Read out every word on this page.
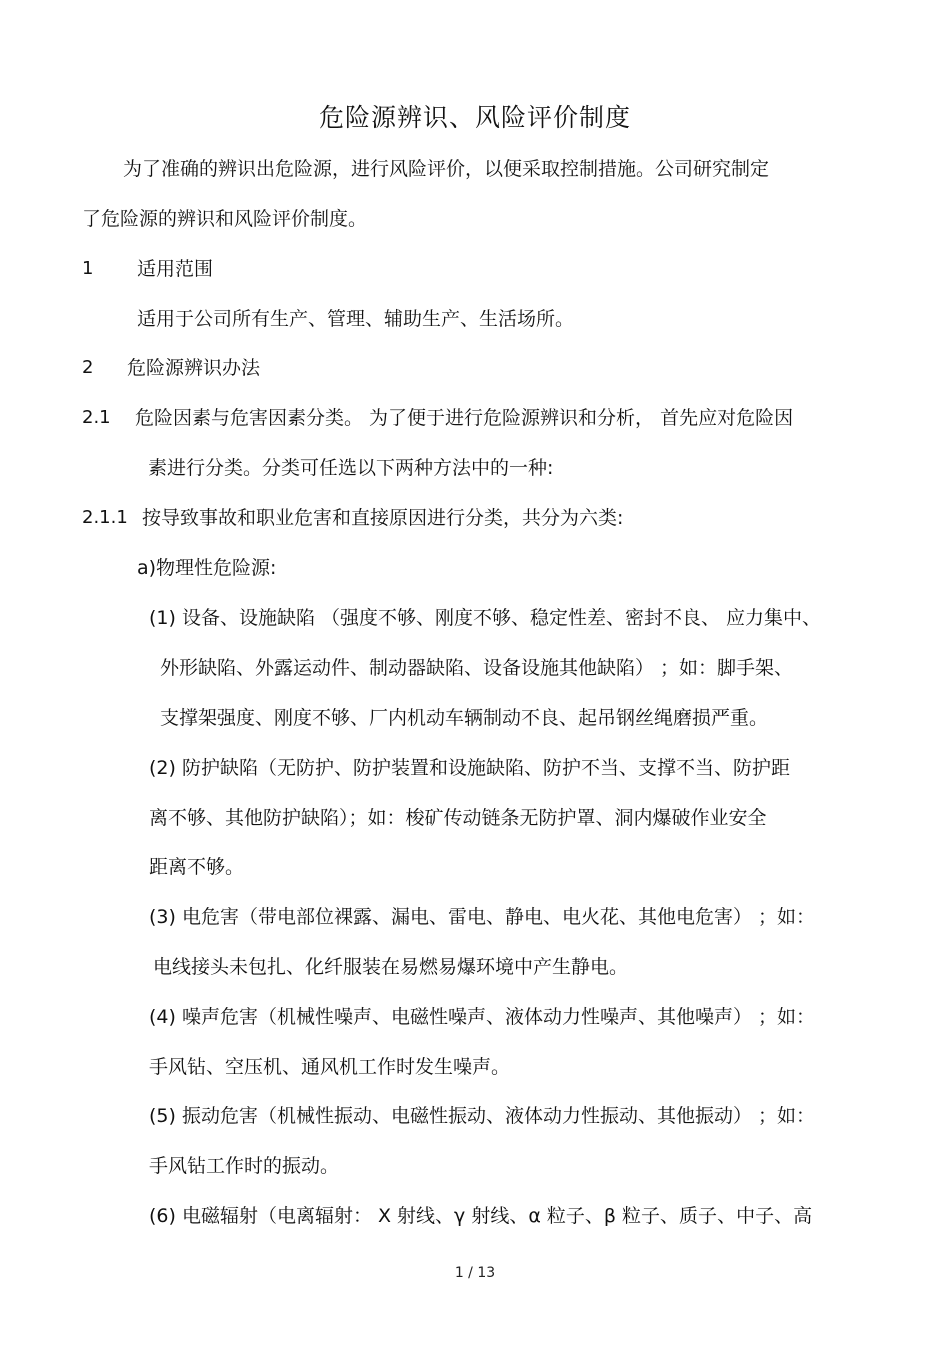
危险源辨识、风险评价制度
为了准确的辨识出危险源，进行风险评价，以便采取控制措施。公司研究制定
了危险源的辨识和风险评价制度。
1 适用范围
适用于公司所有生产、管理、辅助生产、生活场所。
2 危险源辨识办法
2.1 危险因素与危害因素分类。 为了便于进行危险源辨识和分析， 首先应对危险因
素进行分类。分类可任选以下两种方法中的一种:
2.1.1 按导致事故和职业危害和直接原因进行分类，共分为六类:
a)物理性危险源:
(1) 设备、设施缺陷 （强度不够、刚度不够、稳定性差、密封不良、 应力集中、
外形缺陷、外露运动件、制动器缺陷、设备设施其他缺陷） ；如：脚手架、
支撑架强度、刚度不够、厂内机动车辆制动不良、起吊钢丝绳磨损严重。
(2) 防护缺陷（无防护、防护装置和设施缺陷、防护不当、支撑不当、防护距
离不够、其他防护缺陷）；如：梭矿传动链条无防护罩、洞内爆破作业安全
距离不够。
(3) 电危害（带电部位裸露、漏电、雷电、静电、电火花、其他电危害） ；如：
电线接头未包扎、化纤服装在易燃易爆环境中产生静电。
(4) 噪声危害（机械性噪声、电磁性噪声、液体动力性噪声、其他噪声） ；如：
手风钻、空压机、通风机工作时发生噪声。
(5) 振动危害（机械性振动、电磁性振动、液体动力性振动、其他振动） ；如：
手风钻工作时的振动。
(6) 电磁辐射（电离辐射： X 射线、γ 射线、α 粒子、β 粒子、质子、中子、高
1 / 13
